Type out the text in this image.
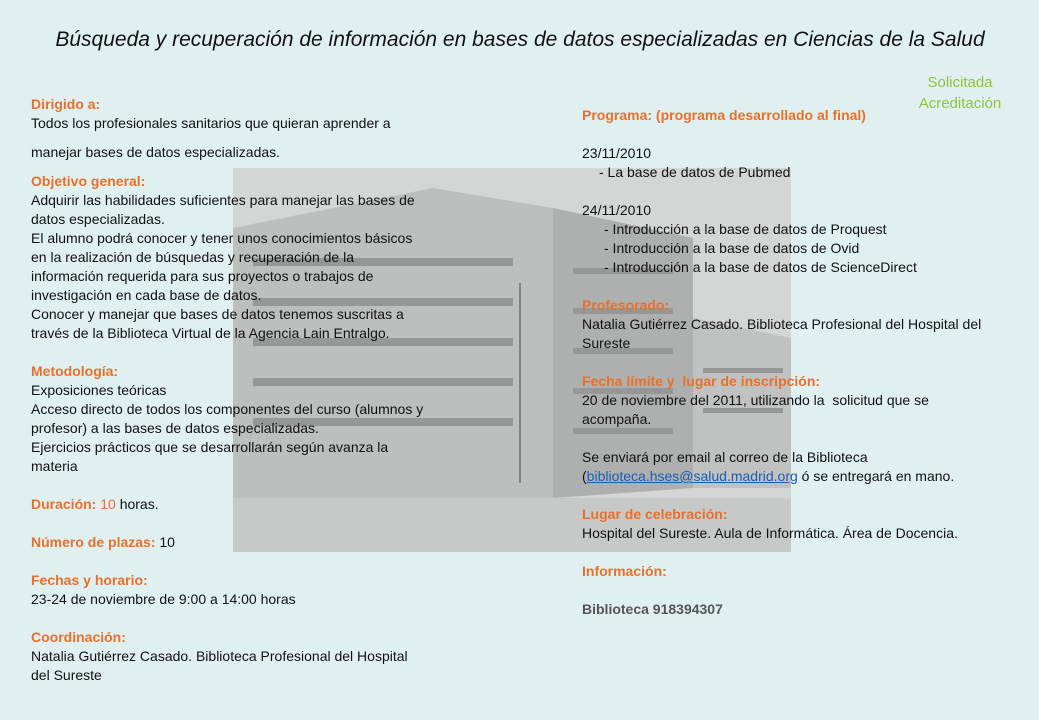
Búsqueda y recuperación de información en bases de datos especializadas en Ciencias de la Salud
Solicitada Acreditación
Dirigido a:
Todos los profesionales sanitarios que quieran aprender a
manejar bases de datos especializadas.
Objetivo general:
Adquirir las habilidades suficientes para manejar las bases de
datos especializadas.
El alumno podrá conocer y tener unos conocimientos básicos
en la realización de búsquedas y recuperación de la
información requerida para sus proyectos o trabajos de
investigación en cada base de datos.
Conocer y manejar que bases de datos tenemos suscritas a
través de la Biblioteca Virtual de la Agencia Lain Entralgo.
Metodología:
Exposiciones teóricas
Acceso directo de todos los componentes del curso (alumnos y
profesor) a las bases de datos especializadas.
Ejercicios prácticos que se desarrollarán según avanza la
materia
Duración: 10 horas.
Número de plazas: 10
Fechas y horario:
23-24 de noviembre de 9:00 a 14:00 horas
Coordinación:
Natalia Gutiérrez Casado. Biblioteca Profesional del Hospital
del Sureste
Programa: (programa desarrollado al final)
23/11/2010
- La base de datos de Pubmed
24/11/2010
- Introducción a la base de datos de Proquest
- Introducción a la base de datos de Ovid
- Introducción a la base de datos de ScienceDirect
Profesorado:
Natalia Gutiérrez Casado. Biblioteca Profesional del Hospital del
Sureste
Fecha límite y  lugar de inscripción:
20 de noviembre del 2011, utilizando la  solicitud que se
acompaña.
Se enviará por email al correo de la Biblioteca
(biblioteca.hses@salud.madrid.org ó se entregará en mano.
Lugar de celebración:
Hospital del Sureste. Aula de Informática. Área de Docencia.
Información:
Biblioteca 918394307
